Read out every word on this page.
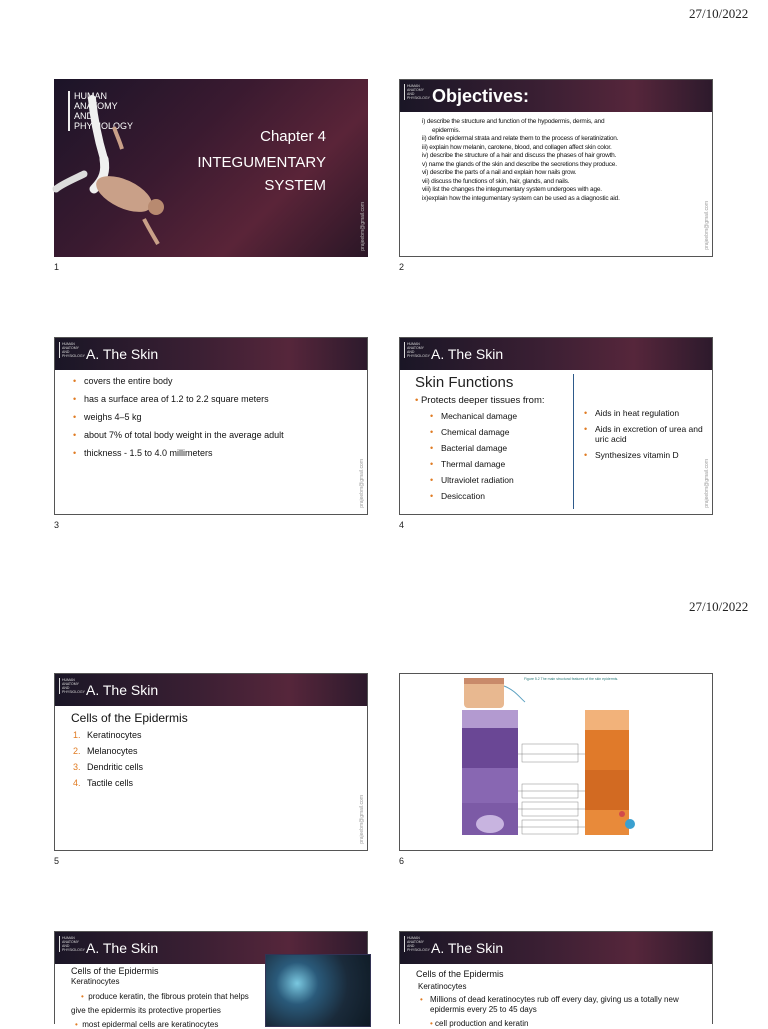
27/10/2022
27/10/2022
HUMAN
ANATOMY
AND
PHYSIOLOGY
Chapter 4
INTEGUMENTARY
SYSTEM
prajeebm@gmail.com
1
HUMAN
ANATOMY
AND
PHYSIOLOGY Objectives:

i) describe the structure and function of the hypodermis, dermis, and

epidermis.

ii) define epidermal strata and relate them to the process of keratinization.

iii) explain how melanin, carotene, blood, and collagen affect skin color.

iv) describe the structure of a hair and discuss the phases of hair growth.

v) name the glands of the skin and describe the secretions they produce.

vi) describe the parts of a nail and explain how nails grow.

vii) discuss the functions of skin, hair, glands, and nails.

viii) list the changes the integumentary system undergoes with age.

ix)explain how the integumentary system can be used as a diagnostic aid.

prajeebm@gmail.com
2
HUMAN
ANATOMY
AND
PHYSIOLOGY A. The Skin
• covers the entire body
• has a surface area of 1.2 to 2.2 square meters
• weighs 4–5 kg
• about 7% of total body weight in the average adult
• thickness - 1.5 to 4.0 millimeters
prajeebm@gmail.com
3
HUMAN
ANATOMY
AND
PHYSIOLOGY A. The Skin
Skin Functions
• Protects deeper tissues from:
• Mechanical damage
• Chemical damage
• Bacterial damage
• Thermal damage
• Ultraviolet radiation
• Desiccation
• Aids in heat regulation
• Aids in excretion of urea and uric acid
• Synthesizes vitamin D
prajeebm@gmail.com
4
HUMAN
ANATOMY
AND
PHYSIOLOGY A. The Skin
Cells of the Epidermis
1. Keratinocytes
2. Melanocytes
3. Dendritic cells
4. Tactile cells
prajeebm@gmail.com
5
Figure 5.2 The main structural features of the skin epidermis.
6
HUMAN
ANATOMY
AND
PHYSIOLOGY A. The Skin
Cells of the Epidermis
Keratinocytes
• produce keratin, the fibrous protein that helps
give the epidermis its protective properties
• most epidermal cells are keratinocytes
HUMAN
ANATOMY
AND
PHYSIOLOGY A. The Skin
Cells of the Epidermis
Keratinocytes
• Millions of dead keratinocytes rub off every day, giving us a totally new epidermis every 25 to 45 days
• cell production and keratin
